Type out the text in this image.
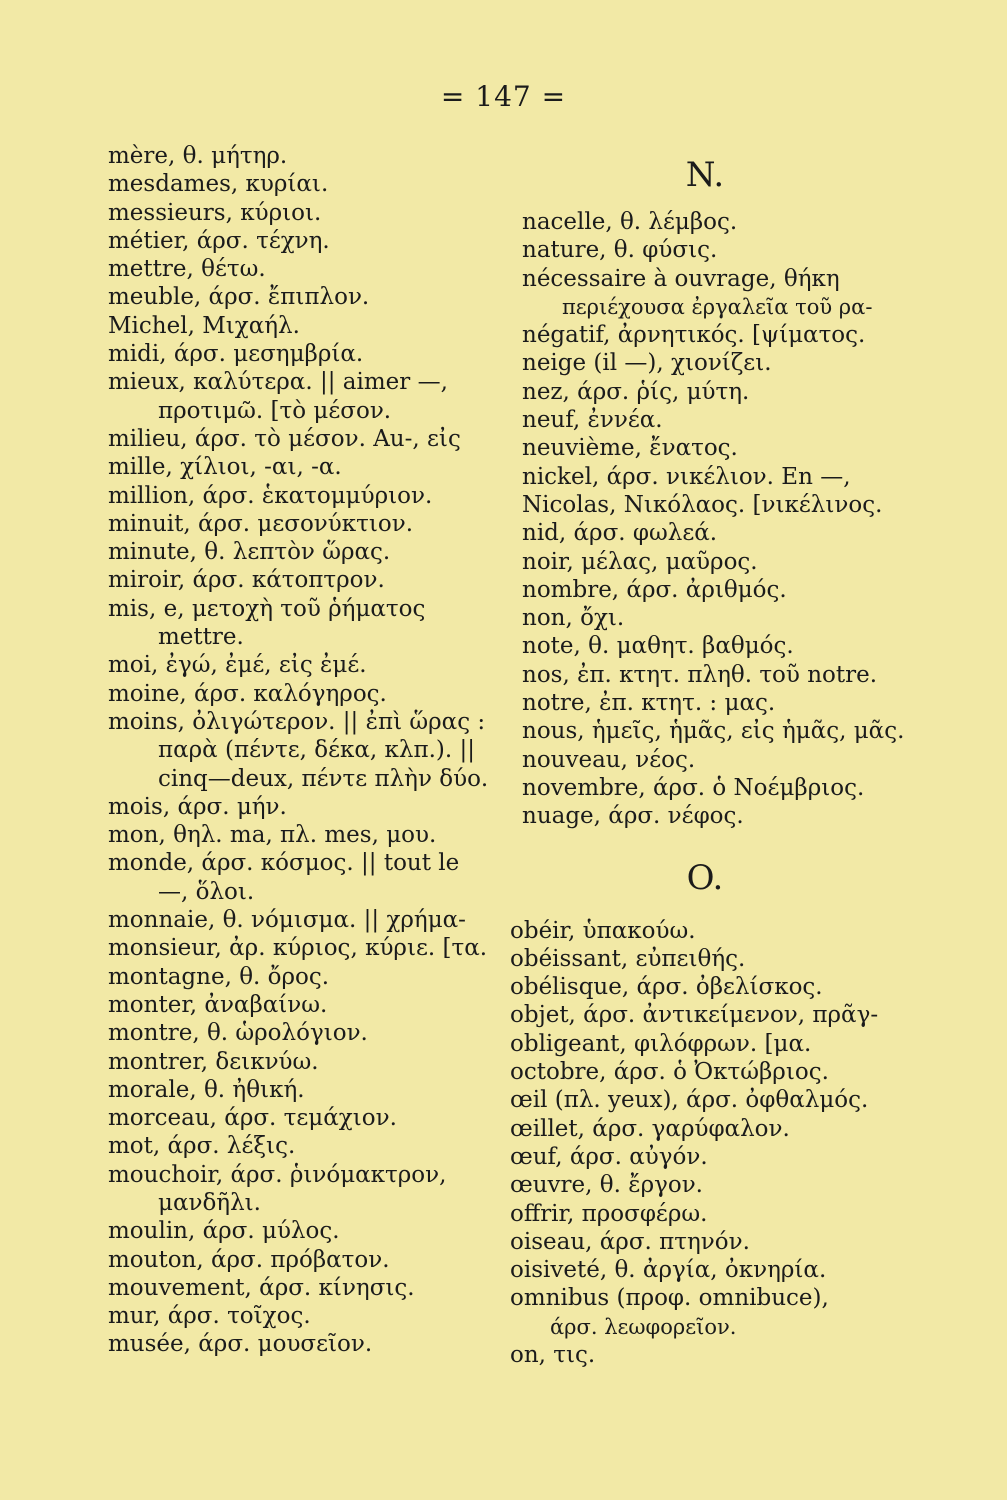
= 147 =
mère, θ. μήτηρ.
mesdames, κυρίαι.
messieurs, κύριοι.
métier, άρσ. τέχνη.
mettre, θέτω.
meuble, άρσ. ἔπιπλον.
Michel, Μιχαήλ.
midi, άρσ. μεσημβρία.
mieux, καλύτερα. || aimer —,
προτιμῶ. [τὸ μέσον.
milieu, άρσ. τὸ μέσον. Au-, εἰς
mille, χίλιοι, -αι, -α.
million, άρσ. ἑκατομμύριον.
minuit, άρσ. μεσονύκτιον.
minute, θ. λεπτὸν ὥρας.
miroir, άρσ. κάτοπτρον.
mis, e, μετοχὴ τοῦ ῥήματος
mettre.
moi, ἐγώ, ἐμέ, εἰς ἐμέ.
moine, άρσ. καλόγηρος.
moins, ὀλιγώτερον. || ἐπὶ ὥρας :
παρὰ (πέντε, δέκα, κλπ.). ||
cinq—deux, πέντε πλὴν δύο.
mois, άρσ. μήν.
mon, θηλ. ma, πλ. mes, μου.
monde, άρσ. κόσμος. || tout le
—, ὅλοι.
monnaie, θ. νόμισμα. || χρήμα-
monsieur, ἀρ. κύριος, κύριε. [τα.
montagne, θ. ὄρος.
monter, ἀναβαίνω.
montre, θ. ὡρολόγιον.
montrer, δεικνύω.
morale, θ. ἠθική.
morceau, άρσ. τεμάχιον.
mot, άρσ. λέξις.
mouchoir, άρσ. ῥινόμακτρον,
μανδῆλι.
moulin, άρσ. μύλος.
mouton, άρσ. πρόβατον.
mouvement, άρσ. κίνησις.
mur, άρσ. τοῖχος.
musée, άρσ. μουσεῖον.
N.
nacelle, θ. λέμβος.
nature, θ. φύσις.
nécessaire à ouvrage, θήκη
περιέχουσα ἐργαλεῖα τοῦ ρα-
négatif, ἀρνητικός. [ψίματος.
neige (il —), χιονίζει.
nez, άρσ. ῥίς, μύτη.
neuf, ἐννέα.
neuvième, ἔνατος.
nickel, άρσ. νικέλιον. En —,
Nicolas, Νικόλαος. [νικέλινος.
nid, άρσ. φωλεά.
noir, μέλας, μαῦρος.
nombre, άρσ. ἀριθμός.
non, ὄχι.
note, θ. μαθητ. βαθμός.
nos, ἐπ. κτητ. πληθ. τοῦ notre.
notre, ἐπ. κτητ. : μας.
nous, ἡμεῖς, ἡμᾶς, εἰς ἡμᾶς, μᾶς.
nouveau, νέος.
novembre, άρσ. ὁ Νοέμβριος.
nuage, άρσ. νέφος.
O.
obéir, ὑπακούω.
obéissant, εὐπειθής.
obélisque, άρσ. ὀβελίσκος.
objet, άρσ. ἀντικείμενον, πρᾶγ-
obligeant, φιλόφρων. [μα.
octobre, άρσ. ὁ Ὀκτώβριος.
œil (πλ. yeux), άρσ. ὀφθαλμός.
œillet, άρσ. γαρύφαλον.
œuf, άρσ. αὐγόν.
œuvre, θ. ἔργον.
offrir, προσφέρω.
oiseau, άρσ. πτηνόν.
oisiveté, θ. ἀργία, ὀκνηρία.
omnibus (προφ. omnibuce),
άρσ. λεωφορεῖον.
on, τις.
